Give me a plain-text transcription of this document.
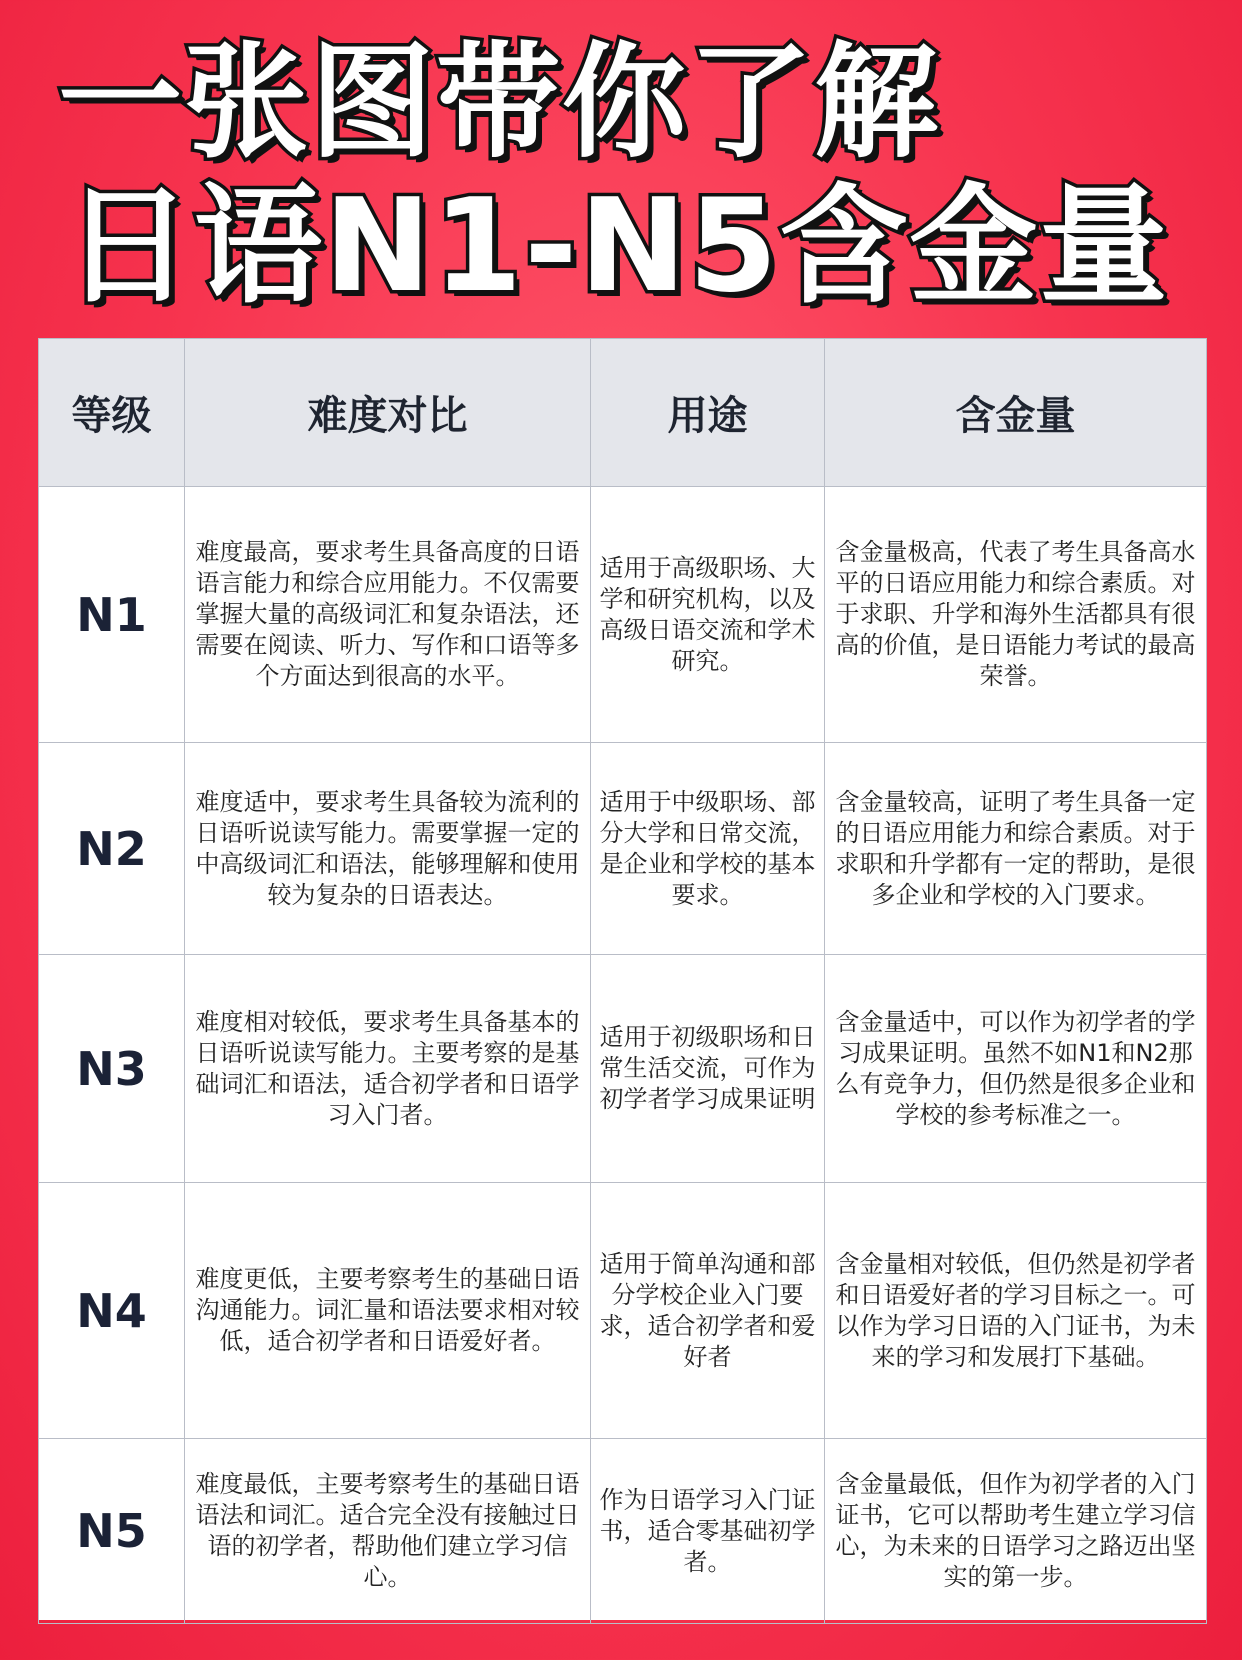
一张图带你了解
日语N1-N5含金量
等级	难度对比	用途	含金量
N1	难度最高，要求考生具备高度的日语语言能力和综合应用能力。不仅需要掌握大量的高级词汇和复杂语法，还需要在阅读、听力、写作和口语等多个方面达到很高的水平。	适用于高级职场、大学和研究机构，以及高级日语交流和学术研究。	含金量极高，代表了考生具备高水平的日语应用能力和综合素质。对于求职、升学和海外生活都具有很高的价值，是日语能力考试的最高荣誉。
N2	难度适中，要求考生具备较为流利的日语听说读写能力。需要掌握一定的中高级词汇和语法，能够理解和使用较为复杂的日语表达。	适用于中级职场、部分大学和日常交流，是企业和学校的基本要求。	含金量较高，证明了考生具备一定的日语应用能力和综合素质。对于求职和升学都有一定的帮助，是很多企业和学校的入门要求。
N3	难度相对较低，要求考生具备基本的日语听说读写能力。主要考察的是基础词汇和语法，适合初学者和日语学习入门者。	适用于初级职场和日常生活交流，可作为初学者学习成果证明	含金量适中，可以作为初学者的学习成果证明。虽然不如N1和N2那么有竞争力，但仍然是很多企业和学校的参考标准之一。
N4	难度更低，主要考察考生的基础日语沟通能力。词汇量和语法要求相对较低，适合初学者和日语爱好者。	适用于简单沟通和部分学校企业入门要求，适合初学者和爱好者	含金量相对较低，但仍然是初学者和日语爱好者的学习目标之一。可以作为学习日语的入门证书，为未来的学习和发展打下基础。
N5	难度最低，主要考察考生的基础日语语法和词汇。适合完全没有接触过日语的初学者，帮助他们建立学习信心。	作为日语学习入门证书，适合零基础初学者。	含金量最低，但作为初学者的入门证书，它可以帮助考生建立学习信心，为未来的日语学习之路迈出坚实的第一步。
